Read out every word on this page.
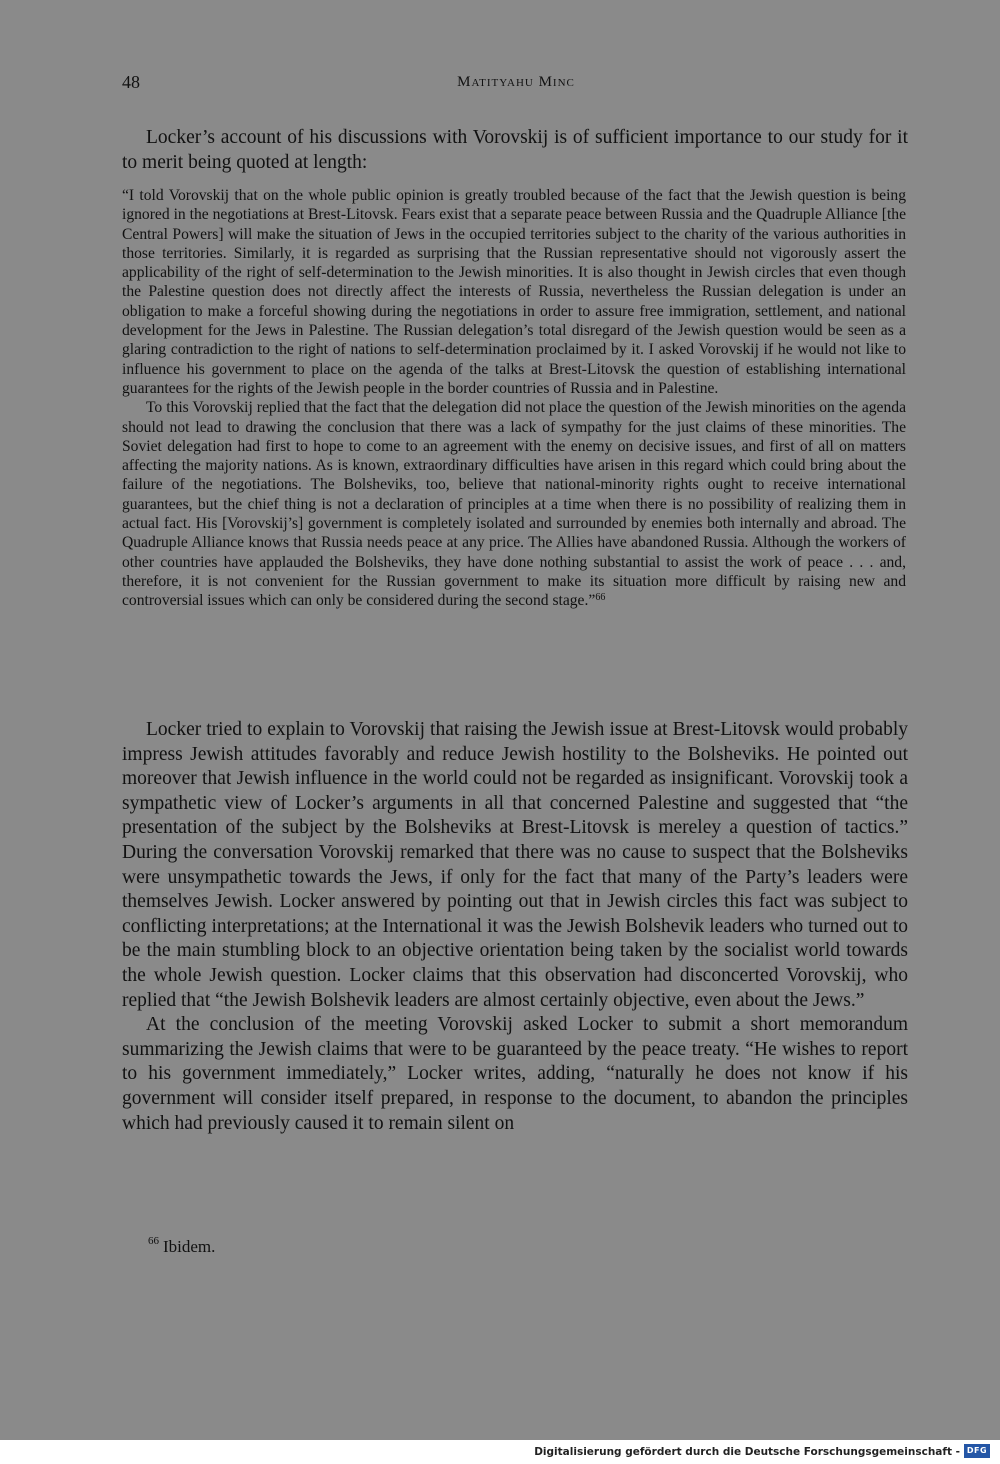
48	Matityahu Minc

Locker’s account of his discussions with Vorovskij is of sufficient importance to our study for it to merit being quoted at length:

“I told Vorovskij that on the whole public opinion is greatly troubled because of the fact that the Jewish question is being ignored in the negotiations at Brest-Litovsk. Fears exist that a separate peace between Russia and the Quadruple Alliance [the Central Powers] will make the situation of Jews in the occupied territories subject to the charity of the various authorities in those territories. Similarly, it is regarded as surprising that the Russian representative should not vigorously assert the applicability of the right of self-determination to the Jewish minorities. It is also thought in Jewish circles that even though the Palestine question does not directly affect the interests of Russia, nevertheless the Russian delegation is under an obligation to make a forceful showing during the negotiations in order to assure free immigration, settlement, and national development for the Jews in Palestine. The Russian delegation’s total disregard of the Jewish question would be seen as a glaring contradiction to the right of nations to self-determination proclaimed by it. I asked Vorovskij if he would not like to influence his government to place on the agenda of the talks at Brest-Litovsk the question of establishing international guarantees for the rights of the Jewish people in the border countries of Russia and in Palestine.

To this Vorovskij replied that the fact that the delegation did not place the question of the Jewish minorities on the agenda should not lead to drawing the conclusion that there was a lack of sympathy for the just claims of these minorities. The Soviet delegation had first to hope to come to an agreement with the enemy on decisive issues, and first of all on matters affecting the majority nations. As is known, extraordinary difficulties have arisen in this regard which could bring about the failure of the negotiations. The Bolsheviks, too, believe that national-minority rights ought to receive international guarantees, but the chief thing is not a declaration of principles at a time when there is no possibility of realizing them in actual fact. His [Vorovskij’s] government is completely isolated and surrounded by enemies both internally and abroad. The Quadruple Alliance knows that Russia needs peace at any price. The Allies have abandoned Russia. Although the workers of other countries have applauded the Bolsheviks, they have done nothing substantial to assist the work of peace . . . and, therefore, it is not convenient for the Russian government to make its situation more difficult by raising new and controversial issues which can only be considered during the second stage.”$^{66}$

Locker tried to explain to Vorovskij that raising the Jewish issue at Brest-Litovsk would probably impress Jewish attitudes favorably and reduce Jewish hostility to the Bolsheviks. He pointed out moreover that Jewish influence in the world could not be regarded as insignificant. Vorovskij took a sympathetic view of Locker’s arguments in all that concerned Palestine and suggested that “the presentation of the subject by the Bolsheviks at Brest-Litovsk is mereley a question of tactics.” During the conversation Vorovskij remarked that there was no cause to suspect that the Bolsheviks were unsympathetic towards the Jews, if only for the fact that many of the Party’s leaders were themselves Jewish. Locker answered by pointing out that in Jewish circles this fact was subject to conflicting interpretations; at the International it was the Jewish Bolshevik leaders who turned out to be the main stumbling block to an objective orientation being taken by the socialist world towards the whole Jewish question. Locker claims that this observation had disconcerted Vorovskij, who replied that “the Jewish Bolshevik leaders are almost certainly objective, even about the Jews.”

At the conclusion of the meeting Vorovskij asked Locker to submit a short memorandum summarizing the Jewish claims that were to be guaranteed by the peace treaty. “He wishes to report to his government immediately,” Locker writes, adding, “naturally he does not know if his government will consider itself prepared, in response to the document, to abandon the principles which had previously caused it to remain silent on

$^{66}$ Ibidem.
Digitalisierung gefördert durch die Deutsche Forschungsgemeinschaft - DFG
